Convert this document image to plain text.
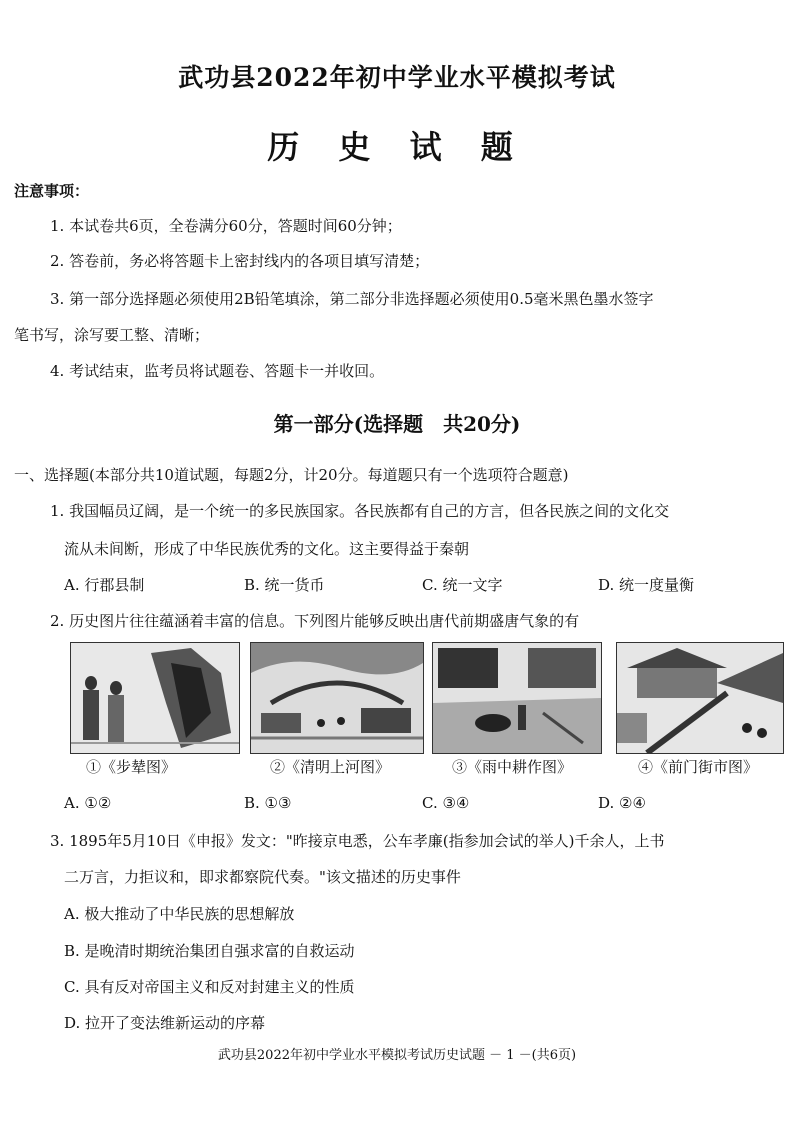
武功县2022年初中学业水平模拟考试
历 史 试 题
注意事项：
1. 本试卷共6页，全卷满分60分，答题时间60分钟；
2. 答卷前，务必将答题卡上密封线内的各项目填写清楚；
3. 第一部分选择题必须使用2B铅笔填涂，第二部分非选择题必须使用0.5毫米黑色墨水签字
笔书写，涂写要工整、清晰；
4. 考试结束，监考员将试题卷、答题卡一并收回。
第一部分(选择题　共20分)
一、选择题(本部分共10道试题，每题2分，计20分。每道题只有一个选项符合题意)
1. 我国幅员辽阔，是一个统一的多民族国家。各民族都有自己的方言，但各民族之间的文化交
流从未间断，形成了中华民族优秀的文化。这主要得益于秦朝
A. 行郡县制	B. 统一货币	C. 统一文字	D. 统一度量衡
2. 历史图片往往蕴涵着丰富的信息。下列图片能够反映出唐代前期盛唐气象的有
①《步辇图》	②《清明上河图》	③《雨中耕作图》	④《前门街市图》
A. ①②	B. ①③	C. ③④	D. ②④
3. 1895年5月10日《申报》发文："昨接京电悉，公车孝廉(指参加会试的举人)千余人，上书
二万言，力拒议和，即求都察院代奏。"该文描述的历史事件
A. 极大推动了中华民族的思想解放
B. 是晚清时期统治集团自强求富的自救运动
C. 具有反对帝国主义和反对封建主义的性质
D. 拉开了变法维新运动的序幕
武功县2022年初中学业水平模拟考试历史试题 － 1 －(共6页)
